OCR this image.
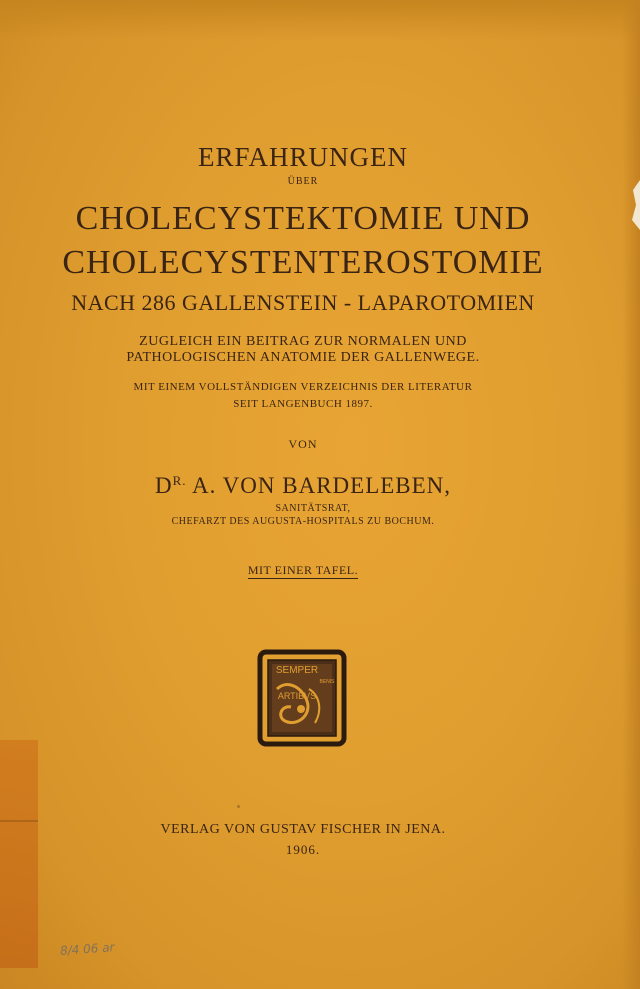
ERFAHRUNGEN
ÜBER
CHOLECYSTEKTOMIE UND
CHOLECYSTENTEROSTOMIE
NACH 286 GALLENSTEIN - LAPAROTOMIEN
ZUGLEICH EIN BEITRAG ZUR NORMALEN UND
PATHOLOGISCHEN ANATOMIE DER GALLENWEGE.
MIT EINEM VOLLSTÄNDIGEN VERZEICHNIS DER LITERATUR
SEIT LANGENBUCH 1897.
VON
$D^{R.}$ A. VON BARDELEBEN,
SANITÄTSRAT,
CHEFARZT DES AUGUSTA-HOSPITALS ZU BOCHUM.
MIT EINER TAFEL.
SEMPER
BENIS
ARTIBVS
VERLAG VON GUSTAV FISCHER IN JENA.
1906.
8/4 06 ar
